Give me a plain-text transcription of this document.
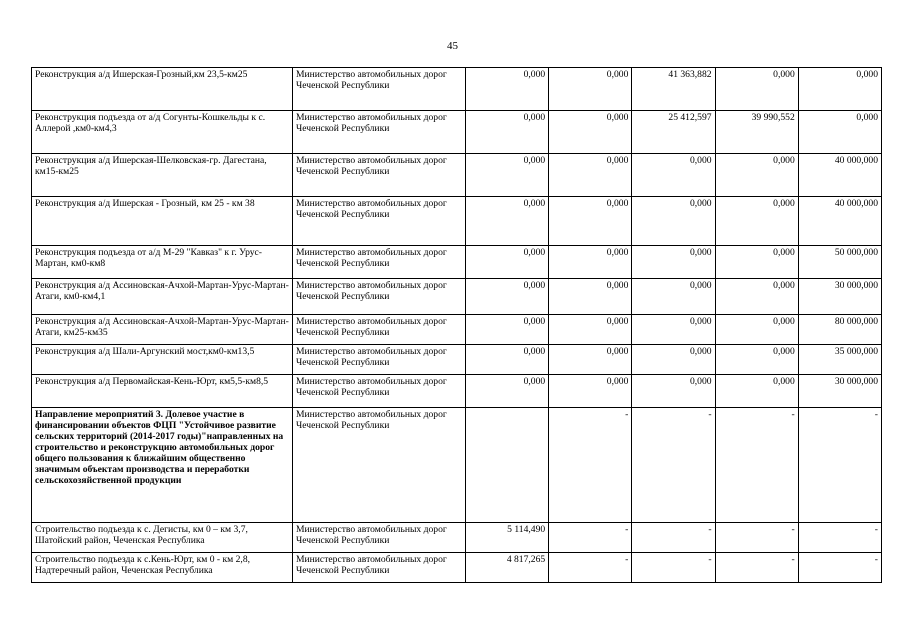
45
Реконструкция а/д Ишерская-Грозный,км 23,5-км25	Министерство автомобильных дорог Чеченской Республики	0,000	0,000	41 363,882	0,000	0,000
Реконструкция подъезда от а/д Согунты-Кошкельды к с. Аллерой ,км0-км4,3	Министерство автомобильных дорог Чеченской Республики	0,000	0,000	25 412,597	39 990,552	0,000
Реконструкция а/д Ишерская-Шелковская-гр. Дагестана, км15-км25	Министерство автомобильных дорог Чеченской Республики	0,000	0,000	0,000	0,000	40 000,000
Реконструкция а/д Ишерская - Грозный, км 25 - км 38	Министерство автомобильных дорог Чеченской Республики	0,000	0,000	0,000	0,000	40 000,000
Реконструкция подъезда от а/д М-29 "Кавказ" к г. Урус-Мартан, км0-км8	Министерство автомобильных дорог Чеченской Республики	0,000	0,000	0,000	0,000	50 000,000
Реконструкция а/д Ассиновская-Ачхой-Мартан-Урус-Мартан-Атаги, км0-км4,1	Министерство автомобильных дорог Чеченской Республики	0,000	0,000	0,000	0,000	30 000,000
Реконструкция а/д Ассиновская-Ачхой-Мартан-Урус-Мартан-Атаги, км25-км35	Министерство автомобильных дорог Чеченской Республики	0,000	0,000	0,000	0,000	80 000,000
Реконструкция а/д Шали-Аргунский мост,км0-км13,5	Министерство автомобильных дорог Чеченской Республики	0,000	0,000	0,000	0,000	35 000,000
Реконструкция а/д Первомайская-Кень-Юрт, км5,5-км8,5	Министерство автомобильных дорог Чеченской Республики	0,000	0,000	0,000	0,000	30 000,000
Направление мероприятий 3. Долевое участие в финансировании объектов ФЦП "Устойчивое развитие сельских территорий (2014-2017 годы)"направленных на строительство и реконструкцию автомобильных дорог общего пользования к ближайшим общественно значимым объектам производства и переработки сельскохозяйственной продукции	Министерство автомобильных дорог Чеченской Республики		-	-	-	-
Строительство подъезда к с. Дегисты, км 0 – км 3,7, Шатойский район, Чеченская Республика	Министерство автомобильных дорог Чеченской Республики	5 114,490	-	-	-	-
Строительство подъезда к с.Кень-Юрт, км 0 - км 2,8, Надтеречный район, Чеченская Республика	Министерство автомобильных дорог Чеченской Республики	4 817,265	-	-	-	-
